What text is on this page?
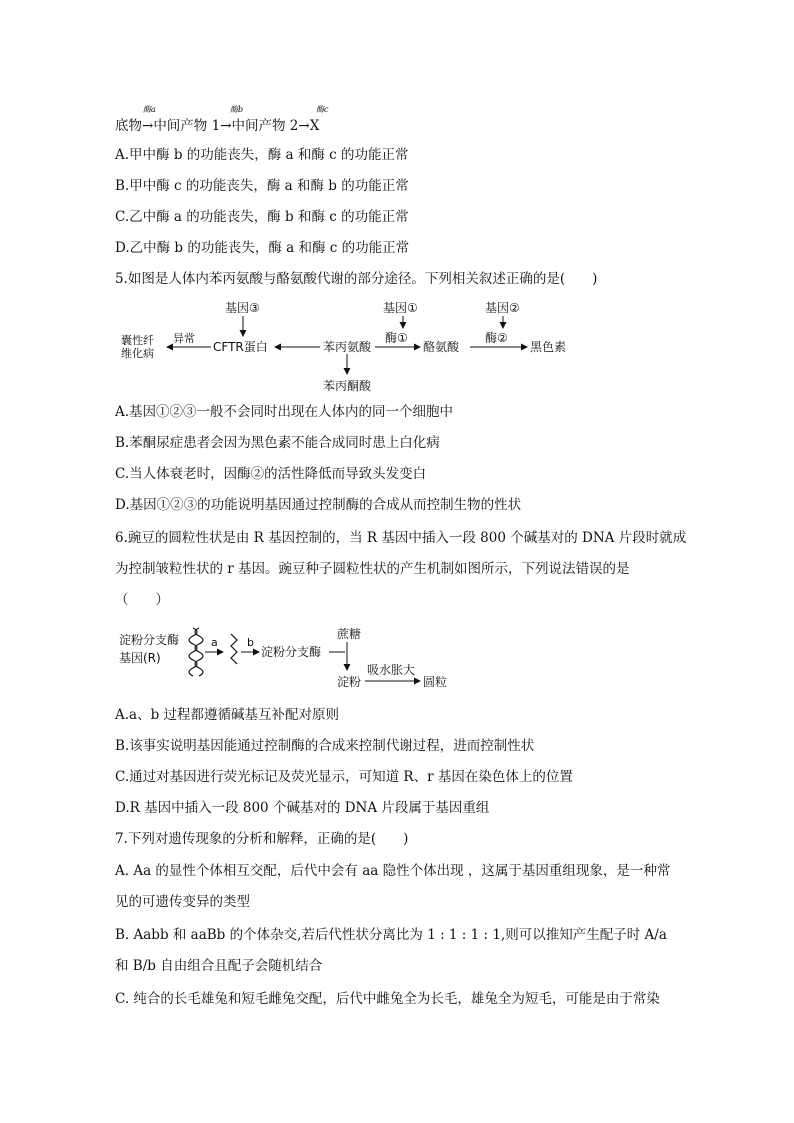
酶a	酶b	酶c
底物→中间产物 1→中间产物 2→X
A.甲中酶 b 的功能丧失，酶 a 和酶 c 的功能正常
B.甲中酶 c 的功能丧失，酶 a 和酶 b 的功能正常
C.乙中酶 a 的功能丧失，酶 b 和酶 c 的功能正常
D.乙中酶 b 的功能丧失，酶 a 和酶 c 的功能正常
5.如图是人体内苯丙氨酸与酪氨酸代谢的部分途径。下列相关叙述正确的是(　　)
基因③	基因①	基因②
囊性纤
维化病
异常
CFTR蛋白	苯丙氨酸
酶①
酪氨酸
酶②
黑色素
苯丙酮酸
A.基因①②③一般不会同时出现在人体内的同一个细胞中
B.苯酮尿症患者会因为黑色素不能合成同时患上白化病
C.当人体衰老时，因酶②的活性降低而导致头发变白
D.基因①②③的功能说明基因通过控制酶的合成从而控制生物的性状
6.豌豆的圆粒性状是由 R 基因控制的，当 R 基因中插入一段 800 个碱基对的 DNA 片段时就成
为控制皱粒性状的 r 基因。豌豆种子圆粒性状的产生机制如图所示，下列说法错误的是
（　　）
淀粉分支酶
基因(R)
a	b
淀粉分支酶
蔗糖
淀粉
吸水胀大
圆粒
A.a、b 过程都遵循碱基互补配对原则
B.该事实说明基因能通过控制酶的合成来控制代谢过程，进而控制性状
C.通过对基因进行荧光标记及荧光显示，可知道 R、r 基因在染色体上的位置
D.R 基因中插入一段 800 个碱基对的 DNA 片段属于基因重组
7.下列对遗传现象的分析和解释，正确的是(　　)
A. Aa 的显性个体相互交配，后代中会有 aa 隐性个体出现 ，这属于基因重组现象，是一种常
见的可遗传变异的类型
B. Aabb 和 aaBb 的个体杂交,若后代性状分离比为 1 : 1 : 1 : 1,则可以推知产生配子时 A/a
和 B/b 自由组合且配子会随机结合
C. 纯合的长毛雄兔和短毛雌兔交配，后代中雌兔全为长毛，雄兔全为短毛，可能是由于常染
